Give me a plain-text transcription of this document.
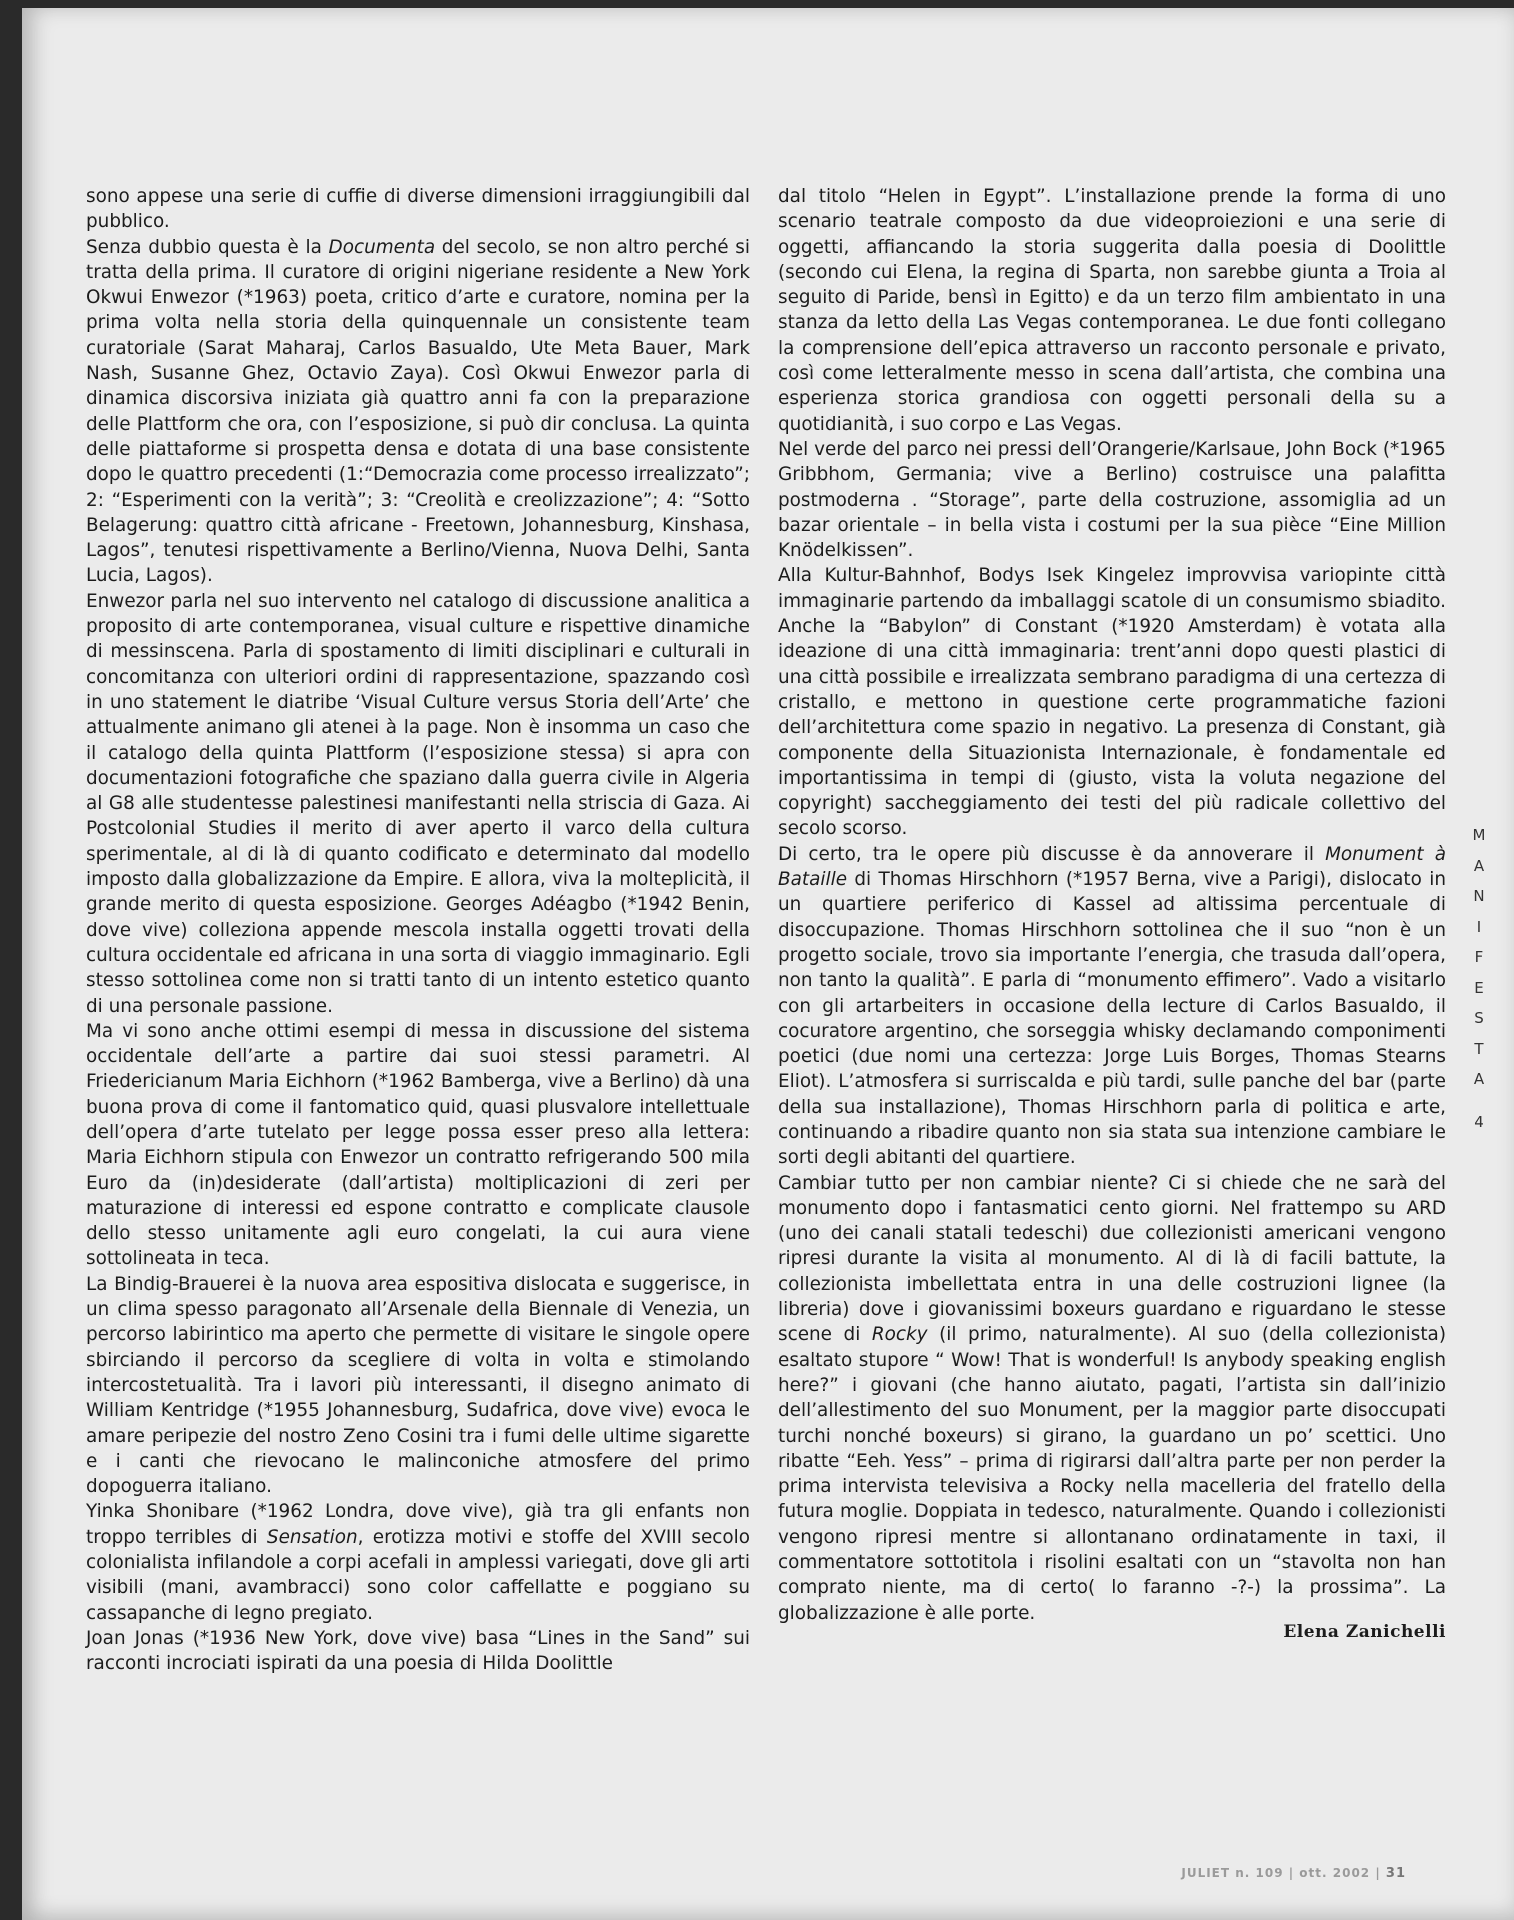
sono appese una serie di cuffie di diverse dimensioni irraggiungibili dal pubblico.

Senza dubbio questa è la Documenta del secolo, se non altro perché si tratta della prima. Il curatore di origini nigeriane residente a New York Okwui Enwezor (*1963) poeta, critico d’arte e curatore, nomina per la prima volta nella storia della quinquennale un consistente team curatoriale (Sarat Maharaj, Carlos Basualdo, Ute Meta Bauer, Mark Nash, Susanne Ghez, Octavio Zaya). Così Okwui Enwezor parla di dinamica discorsiva iniziata già quattro anni fa con la preparazione delle Plattform che ora, con l’esposizione, si può dir conclusa. La quinta delle piattaforme si prospetta densa e dotata di una base consistente dopo le quattro precedenti (1:“Democrazia come processo irrealizzato”; 2: “Esperimenti con la verità”; 3: “Creolità e creolizzazione”; 4: “Sotto Belagerung: quattro città africane - Freetown, Johannesburg, Kinshasa, Lagos”, tenutesi rispettivamente a Berlino/Vienna, Nuova Delhi, Santa Lucia, Lagos).

Enwezor parla nel suo intervento nel catalogo di discussione analitica a proposito di arte contemporanea, visual culture e rispettive dinamiche di messinscena. Parla di spostamento di limiti disciplinari e culturali in concomitanza con ulteriori ordini di rappresentazione, spazzando così in uno statement le diatribe ‘Visual Culture versus Storia dell’Arte’ che attualmente animano gli atenei à la page. Non è insomma un caso che il catalogo della quinta Plattform (l’esposizione stessa) si apra con documentazioni fotografiche che spaziano dalla guerra civile in Algeria al G8 alle studentesse palestinesi manifestanti nella striscia di Gaza. Ai Postcolonial Studies il merito di aver aperto il varco della cultura sperimentale, al di là di quanto codificato e determinato dal modello imposto dalla globalizzazione da Empire. E allora, viva la molteplicità, il grande merito di questa esposizione. Georges Adéagbo (*1942 Benin, dove vive) colleziona appende mescola installa oggetti trovati della cultura occidentale ed africana in una sorta di viaggio immaginario. Egli stesso sottolinea come non si tratti tanto di un intento estetico quanto di una personale passione.

Ma vi sono anche ottimi esempi di messa in discussione del sistema occidentale dell’arte a partire dai suoi stessi parametri. Al Friedericianum Maria Eichhorn (*1962 Bamberga, vive a Berlino) dà una buona prova di come il fantomatico quid, quasi plusvalore intellettuale dell’opera d’arte tutelato per legge possa esser preso alla lettera: Maria Eichhorn stipula con Enwezor un contratto refrigerando 500 mila Euro da (in)desiderate (dall’artista) moltiplicazioni di zeri per maturazione di interessi ed espone contratto e complicate clausole dello stesso unitamente agli euro congelati, la cui aura viene sottolineata in teca.

La Bindig-Brauerei è la nuova area espositiva dislocata e suggerisce, in un clima spesso paragonato all’Arsenale della Biennale di Venezia, un percorso labirintico ma aperto che permette di visitare le singole opere sbirciando il percorso da scegliere di volta in volta e stimolando intercostetualità. Tra i lavori più interessanti, il disegno animato di William Kentridge (*1955 Johannesburg, Sudafrica, dove vive) evoca le amare peripezie del nostro Zeno Cosini tra i fumi delle ultime sigarette e i canti che rievocano le malinconiche atmosfere del primo dopoguerra italiano.

Yinka Shonibare (*1962 Londra, dove vive), già tra gli enfants non troppo terribles di Sensation, erotizza motivi e stoffe del XVIII secolo colonialista infilandole a corpi acefali in amplessi variegati, dove gli arti visibili (mani, avambracci) sono color caffellatte e poggiano su cassapanche di legno pregiato.

Joan Jonas (*1936 New York, dove vive) basa “Lines in the Sand” sui racconti incrociati ispirati da una poesia di Hilda Doolittle

dal titolo “Helen in Egypt”. L’installazione prende la forma di uno scenario teatrale composto da due videoproiezioni e una serie di oggetti, affiancando la storia suggerita dalla poesia di Doolittle (secondo cui Elena, la regina di Sparta, non sarebbe giunta a Troia al seguito di Paride, bensì in Egitto) e da un terzo film ambientato in una stanza da letto della Las Vegas contemporanea. Le due fonti collegano la comprensione dell’epica attraverso un racconto personale e privato, così come letteralmente messo in scena dall’artista, che combina una esperienza storica grandiosa con oggetti personali della su a quotidianità, i suo corpo e Las Vegas.

Nel verde del parco nei pressi dell’Orangerie/Karlsaue, John Bock (*1965 Gribbhom, Germania; vive a Berlino) costruisce una palafitta postmoderna . “Storage”, parte della costruzione, assomiglia ad un bazar orientale – in bella vista i costumi per la sua pièce “Eine Million Knödelkissen”.

Alla Kultur-Bahnhof, Bodys Isek Kingelez improvvisa variopinte città immaginarie partendo da imballaggi scatole di un consumismo sbiadito. Anche la “Babylon” di Constant (*1920 Amsterdam) è votata alla ideazione di una città immaginaria: trent’anni dopo questi plastici di una città possibile e irrealizzata sembrano paradigma di una certezza di cristallo, e mettono in questione certe programmatiche fazioni dell’architettura come spazio in negativo. La presenza di Constant, già componente della Situazionista Internazionale, è fondamentale ed importantissima in tempi di (giusto, vista la voluta negazione del copyright) saccheggiamento dei testi del più radicale collettivo del secolo scorso.

Di certo, tra le opere più discusse è da annoverare il Monument à Bataille di Thomas Hirschhorn (*1957 Berna, vive a Parigi), dislocato in un quartiere periferico di Kassel ad altissima percentuale di disoccupazione. Thomas Hirschhorn sottolinea che il suo “non è un progetto sociale, trovo sia importante l’energia, che trasuda dall’opera, non tanto la qualità”. E parla di “monumento effimero”. Vado a visitarlo con gli artarbeiters in occasione della lecture di Carlos Basualdo, il cocuratore argentino, che sorseggia whisky declamando componimenti poetici (due nomi una certezza: Jorge Luis Borges, Thomas Stearns Eliot). L’atmosfera si surriscalda e più tardi, sulle panche del bar (parte della sua installazione), Thomas Hirschhorn parla di politica e arte, continuando a ribadire quanto non sia stata sua intenzione cambiare le sorti degli abitanti del quartiere.

Cambiar tutto per non cambiar niente? Ci si chiede che ne sarà del monumento dopo i fantasmatici cento giorni. Nel frattempo su ARD (uno dei canali statali tedeschi) due collezionisti americani vengono ripresi durante la visita al monumento. Al di là di facili battute, la collezionista imbellettata entra in una delle costruzioni lignee (la libreria) dove i giovanissimi boxeurs guardano e riguardano le stesse scene di Rocky (il primo, naturalmente). Al suo (della collezionista) esaltato stupore “ Wow! That is wonderful! Is anybody speaking english here?” i giovani (che hanno aiutato, pagati, l’artista sin dall’inizio dell’allestimento del suo Monument, per la maggior parte disoccupati turchi nonché boxeurs) si girano, la guardano un po’ scettici. Uno ribatte “Eeh. Yess” – prima di rigirarsi dall’altra parte per non perder la prima intervista televisiva a Rocky nella macelleria del fratello della futura moglie. Doppiata in tedesco, naturalmente. Quando i collezionisti vengono ripresi mentre si allontanano ordinatamente in taxi, il commentatore sottotitola i risolini esaltati con un “stavolta non han comprato niente, ma di certo( lo faranno -?-) la prossima”. La globalizzazione è alle porte.

Elena Zanichelli
M
A
N
I
F
E
S
T
A
4
JULIET n. 109 | ott. 2002 | 31
